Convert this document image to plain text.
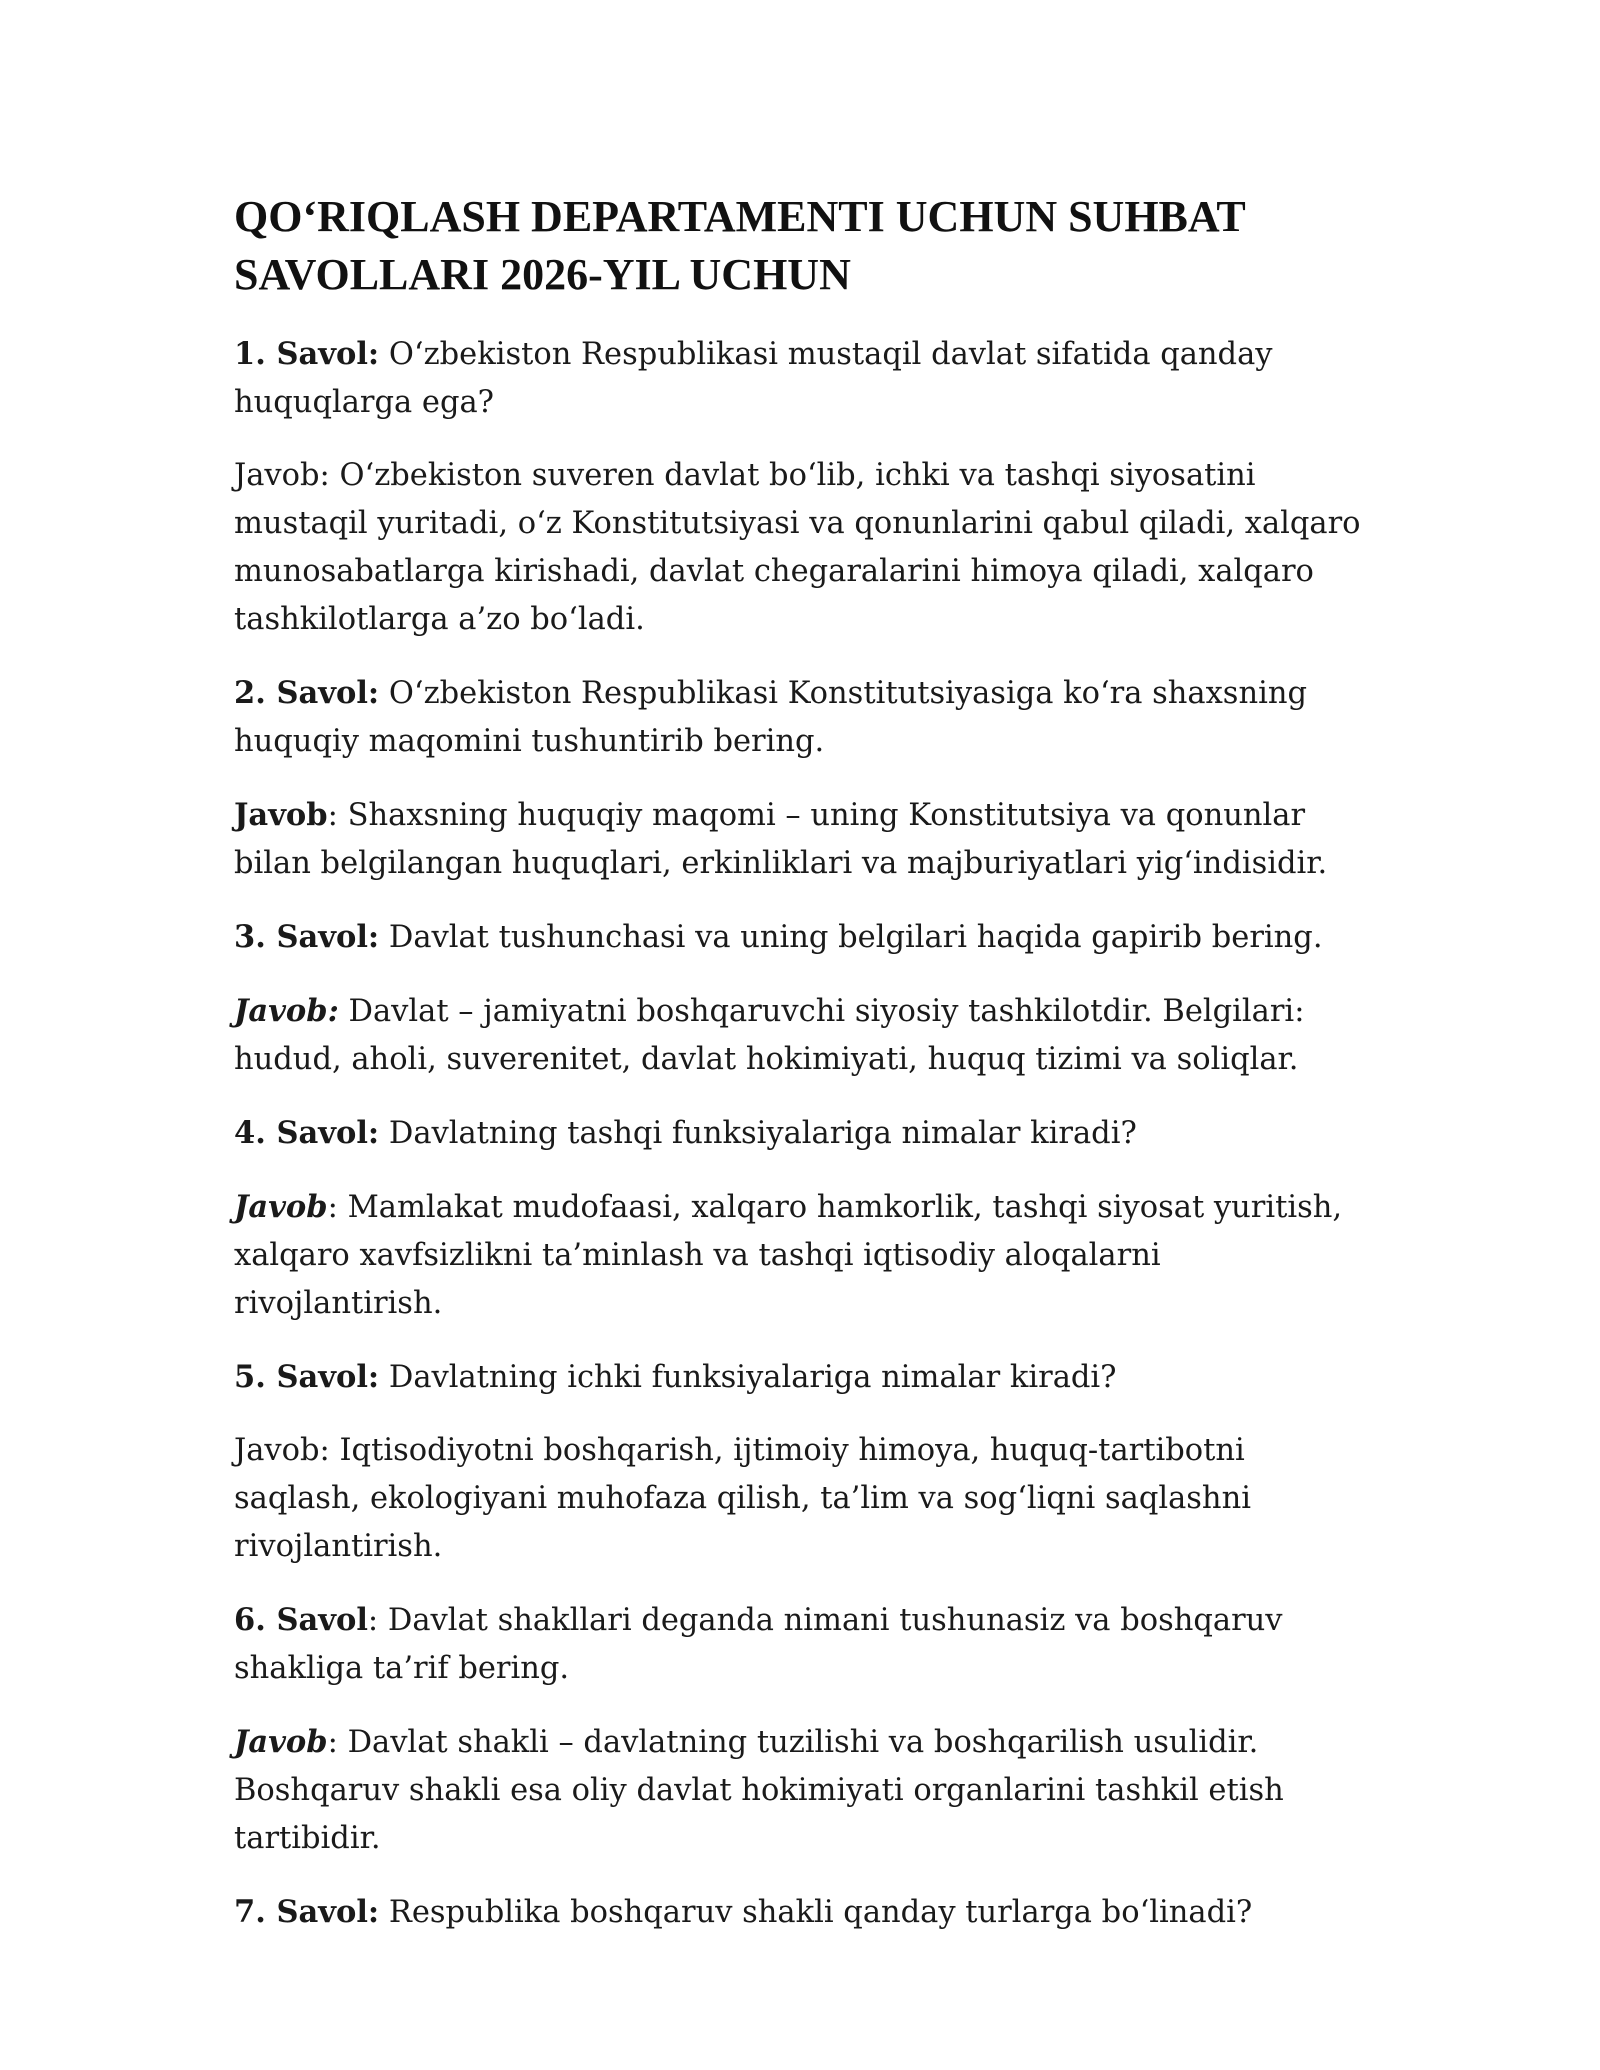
QO‘RIQLASH DEPARTAMENTI UCHUN SUHBAT SAVOLLARI 2026-YIL UCHUN

1. Savol: O‘zbekiston Respublikasi mustaqil davlat sifatida qanday huquqlarga ega?

Javob: O‘zbekiston suveren davlat bo‘lib, ichki va tashqi siyosatini mustaqil yuritadi, o‘z Konstitutsiyasi va qonunlarini qabul qiladi, xalqaro munosabatlarga kirishadi, davlat chegaralarini himoya qiladi, xalqaro tashkilotlarga a’zo bo‘ladi.

2. Savol: O‘zbekiston Respublikasi Konstitutsiyasiga ko‘ra shaxsning huquqiy maqomini tushuntirib bering.

Javob: Shaxsning huquqiy maqomi – uning Konstitutsiya va qonunlar bilan belgilangan huquqlari, erkinliklari va majburiyatlari yig‘indisidir.

3. Savol: Davlat tushunchasi va uning belgilari haqida gapirib bering.

Javob: Davlat – jamiyatni boshqaruvchi siyosiy tashkilotdir. Belgilari: hudud, aholi, suverenitet, davlat hokimiyati, huquq tizimi va soliqlar.

4. Savol: Davlatning tashqi funksiyalariga nimalar kiradi?

Javob: Mamlakat mudofaasi, xalqaro hamkorlik, tashqi siyosat yuritish, xalqaro xavfsizlikni ta’minlash va tashqi iqtisodiy aloqalarni rivojlantirish.

5. Savol: Davlatning ichki funksiyalariga nimalar kiradi?

Javob: Iqtisodiyotni boshqarish, ijtimoiy himoya, huquq-tartibotni saqlash, ekologiyani muhofaza qilish, ta’lim va sog‘liqni saqlashni rivojlantirish.

6. Savol: Davlat shakllari deganda nimani tushunasiz va boshqaruv shakliga ta’rif bering.

Javob: Davlat shakli – davlatning tuzilishi va boshqarilish usulidir. Boshqaruv shakli esa oliy davlat hokimiyati organlarini tashkil etish tartibidir.

7. Savol: Respublika boshqaruv shakli qanday turlarga bo‘linadi?
